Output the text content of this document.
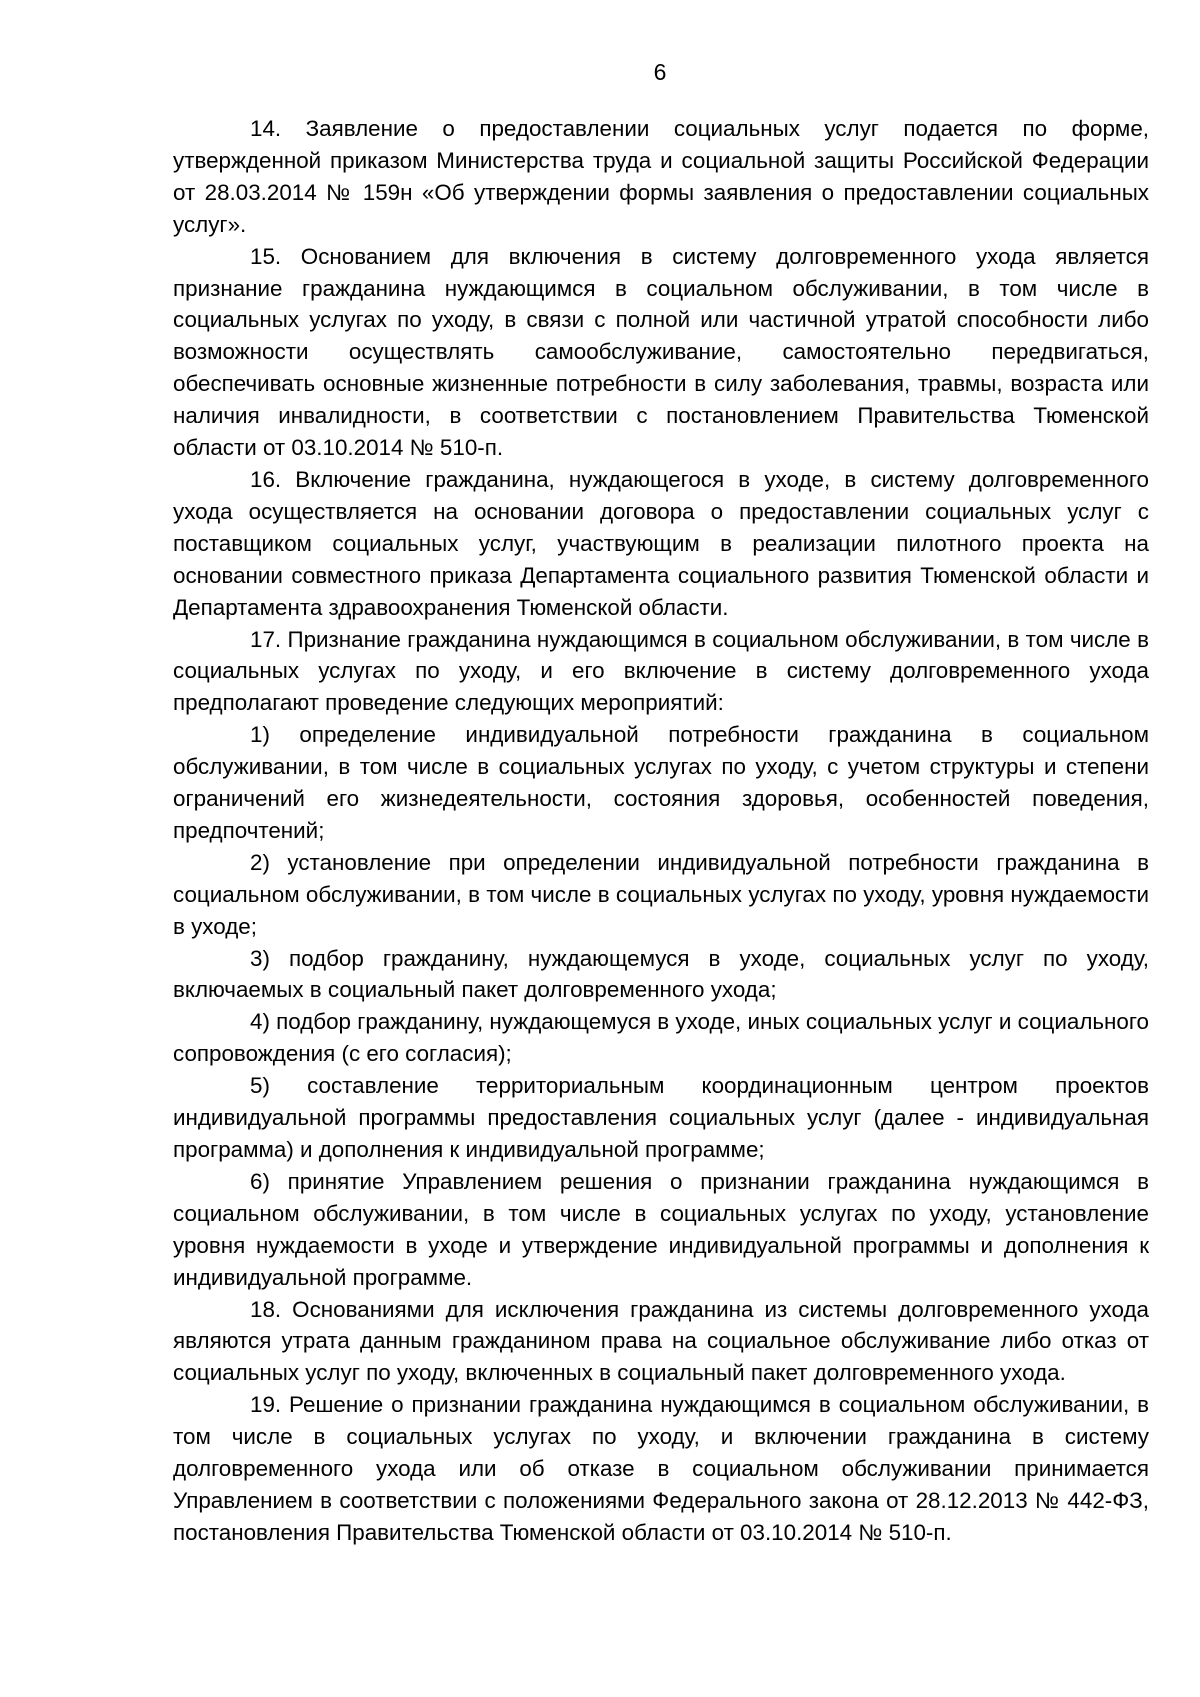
6

14. Заявление о предоставлении социальных услуг подается по форме, утвержденной приказом Министерства труда и социальной защиты Российской Федерации от 28.03.2014 № 159н «Об утверждении формы заявления о предоставлении социальных услуг».

15. Основанием для включения в систему долговременного ухода является признание гражданина нуждающимся в социальном обслуживании, в том числе в социальных услугах по уходу, в связи с полной или частичной утратой способности либо возможности осуществлять самообслуживание, самостоятельно передвигаться, обеспечивать основные жизненные потребности в силу заболевания, травмы, возраста или наличия инвалидности, в соответствии с постановлением Правительства Тюменской области от 03.10.2014 № 510-п.

16. Включение гражданина, нуждающегося в уходе, в систему долговременного ухода осуществляется на основании договора о предоставлении социальных услуг с поставщиком социальных услуг, участвующим в реализации пилотного проекта на основании совместного приказа Департамента социального развития Тюменской области и Департамента здравоохранения Тюменской области.

17. Признание гражданина нуждающимся в социальном обслуживании, в том числе в социальных услугах по уходу, и его включение в систему долговременного ухода предполагают проведение следующих мероприятий:

1) определение индивидуальной потребности гражданина в социальном обслуживании, в том числе в социальных услугах по уходу, с учетом структуры и степени ограничений его жизнедеятельности, состояния здоровья, особенностей поведения, предпочтений;

2) установление при определении индивидуальной потребности гражданина в социальном обслуживании, в том числе в социальных услугах по уходу, уровня нуждаемости в уходе;

3) подбор гражданину, нуждающемуся в уходе, социальных услуг по уходу, включаемых в социальный пакет долговременного ухода;

4) подбор гражданину, нуждающемуся в уходе, иных социальных услуг и социального сопровождения (с его согласия);

5) составление территориальным координационным центром проектов индивидуальной программы предоставления социальных услуг (далее - индивидуальная программа) и дополнения к индивидуальной программе;

6) принятие Управлением решения о признании гражданина нуждающимся в социальном обслуживании, в том числе в социальных услугах по уходу, установление уровня нуждаемости в уходе и утверждение индивидуальной программы и дополнения к индивидуальной программе.

18. Основаниями для исключения гражданина из системы долговременного ухода являются утрата данным гражданином права на социальное обслуживание либо отказ от социальных услуг по уходу, включенных в социальный пакет долговременного ухода.

19. Решение о признании гражданина нуждающимся в социальном обслуживании, в том числе в социальных услугах по уходу, и включении гражданина в систему долговременного ухода или об отказе в социальном обслуживании принимается Управлением в соответствии с положениями Федерального закона от 28.12.2013 № 442-ФЗ, постановления Правительства Тюменской области от 03.10.2014 № 510-п.
